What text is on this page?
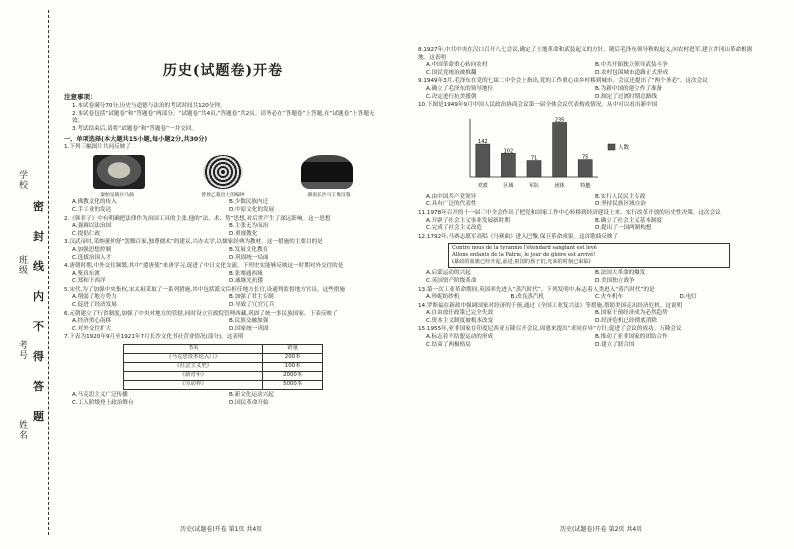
学校
班级
考号
姓名
密
封
线
内
不
得
答
题
历史(试题卷)开卷
注意事项：
1.本试卷满分70分,历史与道德与法治的考试时间共120分钟。
2.本试卷包括“试题卷”和“答题卷”两部分。“试题卷”共4页,“答题卷”共2页。请务必在“答题卷”上答题,在“试题卷”上答题无效。
3.考试结束后,请将“试题卷”和“答题卷”一并交回。
一、单项选择(本大题共15小题,每小题2分,共30分)
1.下列三幅图片共同反映了
秦始皇陵兵马俑	曾侯乙墓出土的编钟	湖南长沙马王堆汉墓
A.佛教文化的传入	B.少数民族内迁
C.手工业的发达	D.中原文化的发展
2.《韩非子》中有明确把法律作为治国工具的主张,他的“法、术、势”思想,对后世产生了深远影响。这一思想
A.强调以法治国	B.主张无为而治
C.提倡仁政	D.重视教化
3.汉武帝时,采纳董仲舒“罢黜百家,独尊儒术”的建议,兴办太学,以儒家经典为教材。这一措施的主要目的是
A.加强思想控制	B.发展文化教育
C.选拔治国人才	D.巩固统一局面
4.唐朝时期,中外交往频繁,其中“遣唐使”来唐学习,促进了中日文化交流。下列史实能够反映这一时期对外交往的是
A.鉴真东渡	B.张骞通西域
C.郑和下西洋	D.戚继光抗倭
5.宋代,为了加强中央集权,宋太祖采取了一系列措施,其中包括派文臣担任地方长官,设通判监督地方官员。这些措施
A.削弱了地方势力	B.加强了君主专制
C.促进了经济发展	D.导致了冗官冗兵
6.元朝建立了行省制度,加强了中央对地方的管辖,同时设立宣政院管理西藏,巩固了统一多民族国家。下表反映了
A.经济重心南移	B.民族交融加强
C.对外交往扩大	D.国家统一巩固
7.下表为1920年9月至1921年7月长沙文化书社营业情况(部分)。这表明
书名	销量
《马克思资本论入门》	200本
《社会主义史》	100本
《新青年》	2000本
《劳动界》	5000本
A.马克思主义广泛传播	B.新文化运动兴起
C.工人阶级登上政治舞台	D.国民革命开始
8.1927年,中共中央在汉口召开八七会议,确定了土地革命和武装起义的方针。随后毛泽东领导秋收起义,向农村进军,建立井冈山革命根据地。这表明
A.中国革命重心转向农村	B.中共开始独立领导武装斗争
C.国民党统治被推翻	D.农村包围城市道路正式形成
9.1949年3月,毛泽东在党的七届二中全会上指出,党的工作重心由乡村移到城市。会议还提出了“两个务必”。这次会议
A.确立了毛泽东的领导地位	B.为新中国的建立作了准备
C.决定进行抗美援朝	D.制定了过渡时期总路线
10.下图是1949年9月中国人民政治协商会议第一届全体会议代表构成情况。从中可以看出新中国
142
党派
102
区域
71
军队
235
团体
75
特邀
人数
A.由中国共产党领导	B.实行人民民主专政
C.具有广泛的代表性	D.坚持民族区域自治
11.1978年召开的十一届三中全会作出了把党和国家工作中心转移到经济建设上来、实行改革开放的历史性决策。这次会议
A.开辟了社会主义事业发展新时期	B.确立了社会主义基本制度
C.完成了社会主义改造	D.提出了一国两制构想
12.1792年,马赛志愿军高唱《马赛曲》进入巴黎,保卫革命成果。这首歌曲反映了
Contre nous de la tyrannie l'étendard sanglant est levé
Allons enfants de la Patrie, le jour de gloire est arrivé!
(暴政的血旗已经升起,前进,祖国的孩子们,光荣的时刻已来临)
A.启蒙运动的兴起	B.法国大革命的爆发
C.英国资产阶级革命	D.美国独立战争
13.第一次工业革命期间,英国率先进入“蒸汽时代”。下列发明中,标志着人类进入“蒸汽时代”的是
A.珍妮纺纱机	B.改良蒸汽机	C.火车机车	D.电灯
14.罗斯福在新政中强调国家对经济的干预,通过《全国工业复兴法》等措施,帮助美国走出经济危机。这说明
A.自由放任政策已完全失效	B.国家干预经济成为必然趋势
C.资本主义制度被根本改变	D.经济危机已经彻底消除
15.1955年,亚非国家在印度尼西亚万隆召开会议,周恩来提出“求同存异”方针,促进了会议的成功。万隆会议
A.标志着不结盟运动的形成	B.推动了亚非国家的团结合作
C.结束了两极格局	D.建立了联合国
历史(试题卷)开卷 第1页 共4页	历史(试题卷)开卷 第2页 共4页
